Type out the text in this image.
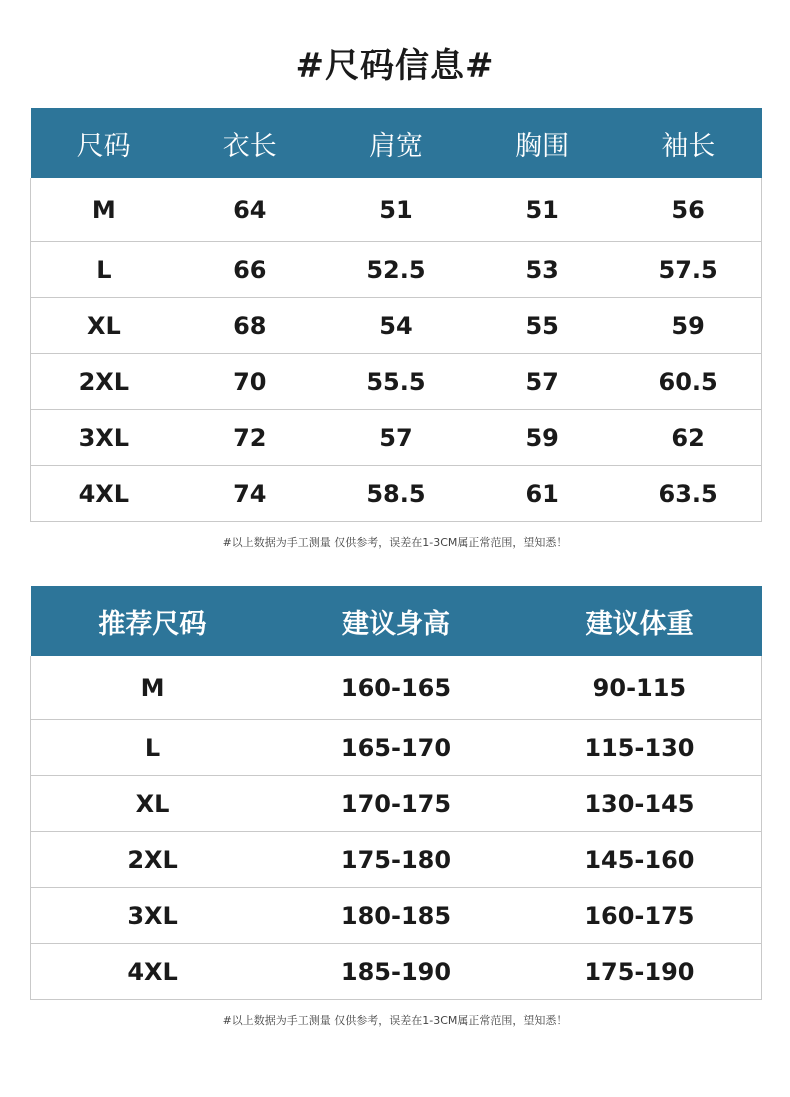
#尺码信息#
尺码	衣长	肩宽	胸围	袖长
M	64	51	51	56
L	66	52.5	53	57.5
XL	68	54	55	59
2XL	70	55.5	57	60.5
3XL	72	57	59	62
4XL	74	58.5	61	63.5
#以上数据为手工测量 仅供参考，误差在1-3CM属正常范围，望知悉！
推荐尺码	建议身高	建议体重
M	160-165	90-115
L	165-170	115-130
XL	170-175	130-145
2XL	175-180	145-160
3XL	180-185	160-175
4XL	185-190	175-190
#以上数据为手工测量 仅供参考，误差在1-3CM属正常范围，望知悉！
